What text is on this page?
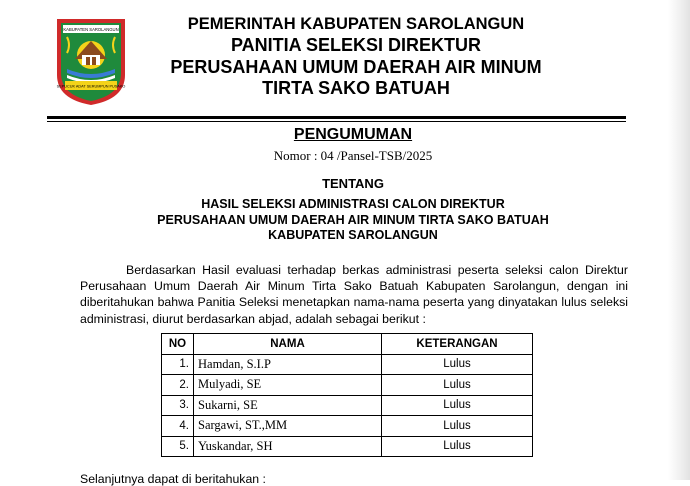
KABUPATEN SAROLANGUN
SEPUCUK ADAT SERUMPUN PUSAKO
PEMERINTAH KABUPATEN SAROLANGUN
PANITIA SELEKSI DIREKTUR
PERUSAHAAN UMUM DAERAH AIR MINUM
TIRTA SAKO BATUAH
PENGUMUMAN
Nomor : 04 /Pansel-TSB/2025
TENTANG
HASIL SELEKSI ADMINISTRASI CALON DIREKTUR
PERUSAHAAN UMUM DAERAH AIR MINUM TIRTA SAKO BATUAH
KABUPATEN SAROLANGUN
Berdasarkan Hasil evaluasi terhadap berkas administrasi peserta seleksi calon Direktur Perusahaan Umum Daerah Air Minum Tirta Sako Batuah Kabupaten Sarolangun, dengan ini diberitahukan bahwa Panitia Seleksi menetapkan nama-nama peserta yang dinyatakan lulus seleksi administrasi, diurut berdasarkan abjad, adalah sebagai berikut :
NO	NAMA	KETERANGAN
1.	Hamdan, S.I.P	Lulus
2.	Mulyadi, SE	Lulus
3.	Sukarni, SE	Lulus
4.	Sargawi, ST.,MM	Lulus
5.	Yuskandar, SH	Lulus
Selanjutnya dapat di beritahukan :
